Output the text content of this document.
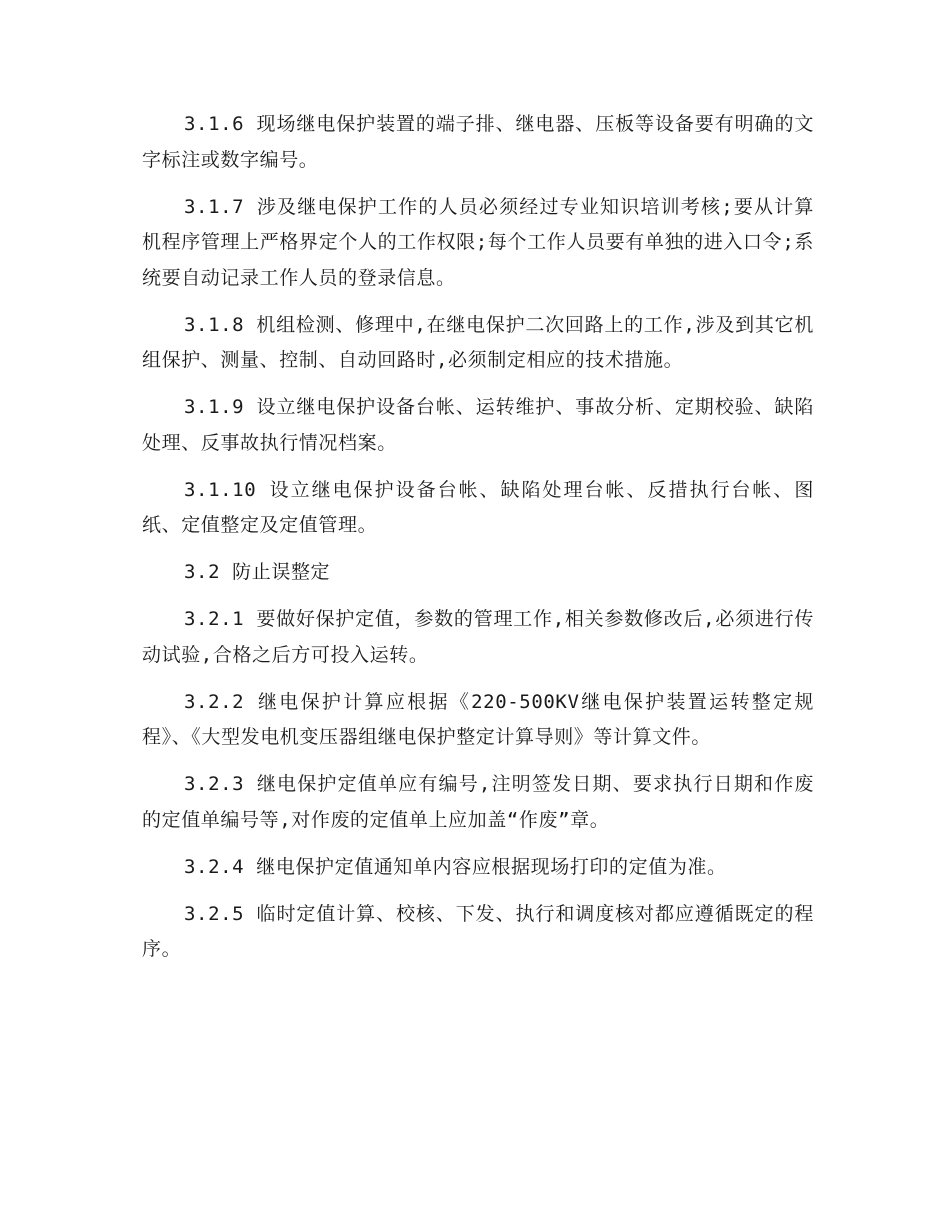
3.1.6 现场继电保护装置的端子排、继电器、压板等设备要有明确的文字标注或数字编号。

3.1.7 涉及继电保护工作的人员必须经过专业知识培训考核;要从计算机程序管理上严格界定个人的工作权限;每个工作人员要有单独的进入口令;系统要自动记录工作人员的登录信息。

3.1.8 机组检测、修理中,在继电保护二次回路上的工作,涉及到其它机组保护、测量、控制、自动回路时,必须制定相应的技术措施。

3.1.9 设立继电保护设备台帐、运转维护、事故分析、定期校验、缺陷处理、反事故执行情况档案。

3.1.10 设立继电保护设备台帐、缺陷处理台帐、反措执行台帐、图纸、定值整定及定值管理。

3.2 防止误整定

3.2.1 要做好保护定值，参数的管理工作,相关参数修改后,必须进行传动试验,合格之后方可投入运转。

3.2.2 继电保护计算应根据《220-500KV继电保护装置运转整定规程》、《大型发电机变压器组继电保护整定计算导则》等计算文件。

3.2.3 继电保护定值单应有编号,注明签发日期、要求执行日期和作废的定值单编号等,对作废的定值单上应加盖“作废”章。

3.2.4 继电保护定值通知单内容应根据现场打印的定值为准。

3.2.5 临时定值计算、校核、下发、执行和调度核对都应遵循既定的程序。
